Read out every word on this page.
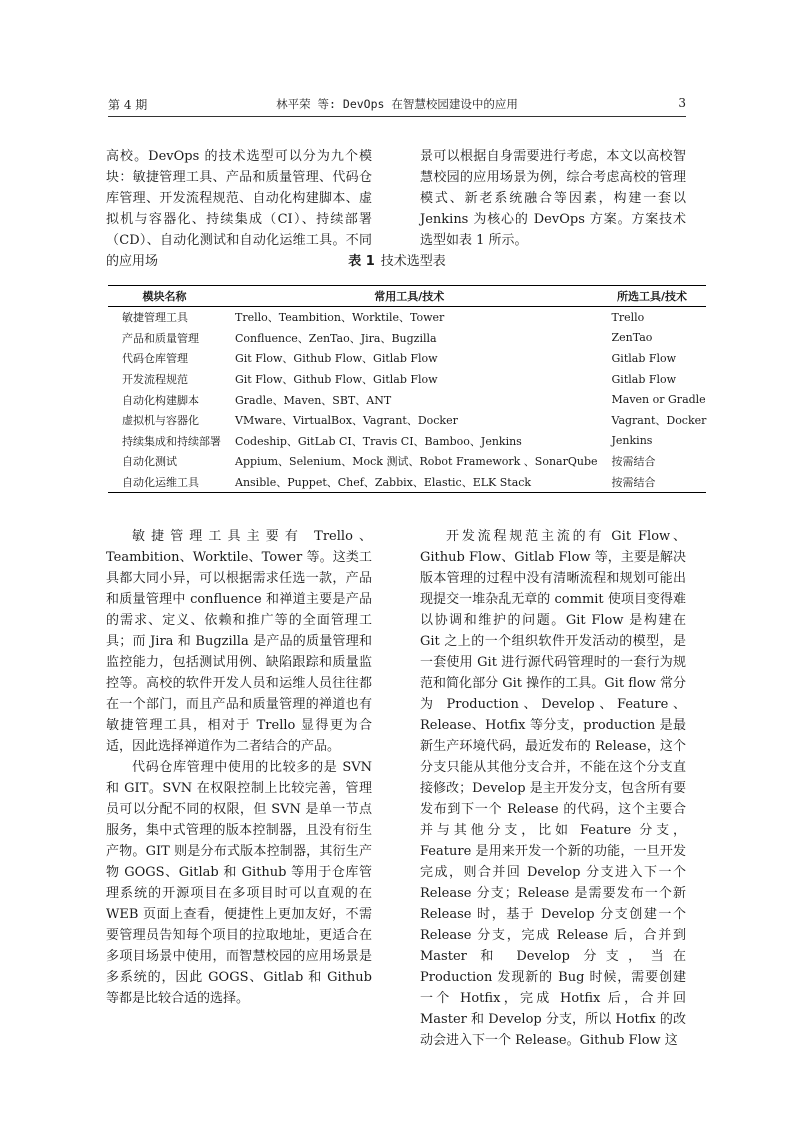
第 4 期	林平荣 等: DevOps 在智慧校园建设中的应用	3

高校。DevOps 的技术选型可以分为九个模块：敏捷管理工具、产品和质量管理、代码仓库管理、开发流程规范、自动化构建脚本、虚拟机与容器化、持续集成（CI）、持续部署（CD）、自动化测试和自动化运维工具。不同的应用场

景可以根据自身需要进行考虑，本文以高校智慧校园的应用场景为例，综合考虑高校的管理模式、新老系统融合等因素，构建一套以 Jenkins 为核心的 DevOps 方案。方案技术选型如表 1 所示。

表 1 技术选型表
模块名称	常用工具/技术	所选工具/技术
敏捷管理工具	Trello、Teambition、Worktile、Tower	Trello
产品和质量管理	Confluence、ZenTao、Jira、Bugzilla	ZenTao
代码仓库管理	Git Flow、Github Flow、Gitlab Flow	Gitlab Flow
开发流程规范	Git Flow、Github Flow、Gitlab Flow	Gitlab Flow
自动化构建脚本	Gradle、Maven、SBT、ANT	Maven or Gradle
虚拟机与容器化	VMware、VirtualBox、Vagrant、Docker	Vagrant、Docker
持续集成和持续部署	Codeship、GitLab CI、Travis CI、Bamboo、Jenkins	Jenkins
自动化测试	Appium、Selenium、Mock 测试、Robot Framework 、SonarQube	按需结合
自动化运维工具	Ansible、Puppet、Chef、Zabbix、Elastic、ELK Stack	按需结合

敏捷管理工具主要有 Trello、Teambition、Worktile、Tower 等。这类工具都大同小异，可以根据需求任选一款，产品和质量管理中 confluence 和禅道主要是产品的需求、定义、依赖和推广等的全面管理工具；而 Jira 和 Bugzilla 是产品的质量管理和监控能力，包括测试用例、缺陷跟踪和质量监控等。高校的软件开发人员和运维人员往往都在一个部门，而且产品和质量管理的禅道也有敏捷管理工具，相对于 Trello 显得更为合适，因此选择禅道作为二者结合的产品。

代码仓库管理中使用的比较多的是 SVN 和 GIT。SVN 在权限控制上比较完善，管理员可以分配不同的权限，但 SVN 是单一节点服务，集中式管理的版本控制器，且没有衍生产物。GIT 则是分布式版本控制器，其衍生产物 GOGS、Gitlab 和 Github 等用于仓库管理系统的开源项目在多项目时可以直观的在 WEB 页面上查看，便捷性上更加友好，不需要管理员告知每个项目的拉取地址，更适合在多项目场景中使用，而智慧校园的应用场景是多系统的，因此 GOGS、Gitlab 和 Github 等都是比较合适的选择。

开发流程规范主流的有 Git Flow、Github Flow、Gitlab Flow 等，主要是解决版本管理的过程中没有清晰流程和规划可能出现提交一堆杂乱无章的 commit 使项目变得难以协调和维护的问题。Git Flow 是构建在 Git 之上的一个组织软件开发活动的模型，是一套使用 Git 进行源代码管理时的一套行为规范和简化部分 Git 操作的工具。Git flow 常分为 Production、Develop、Feature、Release、Hotfix 等分支，production 是最新生产环境代码，最近发布的 Release，这个分支只能从其他分支合并，不能在这个分支直接修改；Develop 是主开发分支，包含所有要发布到下一个 Release 的代码，这个主要合并与其他分支，比如 Feature 分支，Feature 是用来开发一个新的功能，一旦开发完成，则合并回 Develop 分支进入下一个 Release 分支；Release 是需要发布一个新 Release 时，基于 Develop 分支创建一个 Release 分支，完成 Release 后，合并到 Master 和 Develop 分支，当在 Production 发现新的 Bug 时候，需要创建一个 Hotfix，完成 Hotfix 后，合并回 Master 和 Develop 分支，所以 Hotfix 的改动会进入下一个 Release。Github Flow 这
